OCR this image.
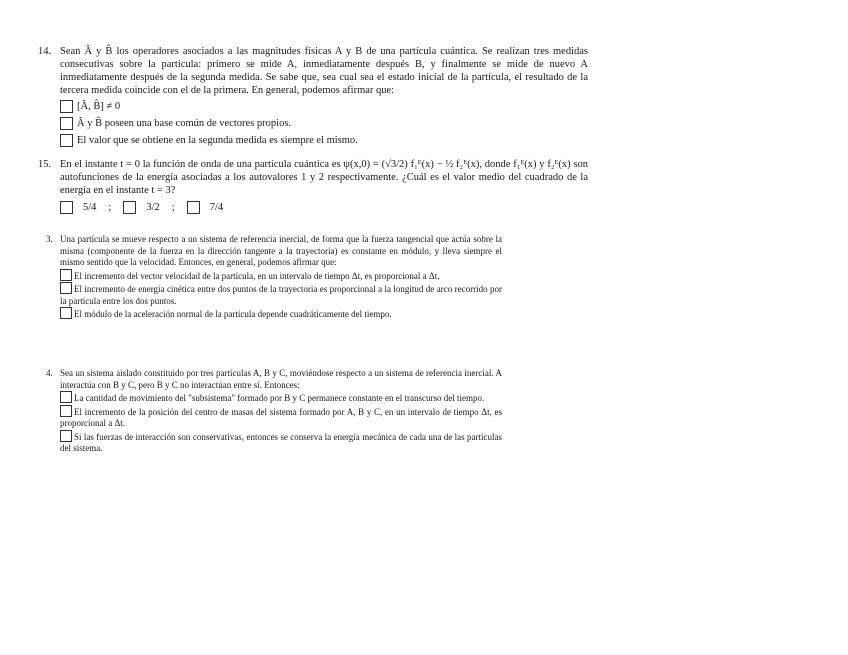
14. Sean Â y B̂ los operadores asociados a las magnitudes físicas A y B de una partícula cuántica. Se realizan tres medidas consecutivas sobre la partícula: primero se mide A, inmediatamente después B, y finalmente se mide de nuevo A inmediatamente después de la segunda medida. Se sabe que, sea cual sea el estado inicial de la partícula, el resultado de la tercera medida coincide con el de la primera. En general, podemos afirmar que:

[Â, B̂] ≠ 0
Â y B̂ poseen una base común de vectores propios.
El valor que se obtiene en la segunda medida es siempre el mismo.
15. En el instante t = 0 la función de onda de una partícula cuántica es ψ(x,0) = (√3/2) f₁ᴱ(x) − ½ f₂ᴱ(x), donde f₁ᴱ(x) y f₂ᴱ(x) son autofunciones de la energía asociadas a los autovalores 1 y 2 respectivamente. ¿Cuál es el valor medio del cuadrado de la energía en el instante t = 3?

5/4 ;	3/2 ;	7/4
3. Una partícula se mueve respecto a un sistema de referencia inercial, de forma que la fuerza tangencial que actúa sobre la misma (componente de la fuerza en la dirección tangente a la trayectoria) es constante en módulo, y lleva siempre el mismo sentido que la velocidad. Entonces, en general, podemos afirmar que:

El incremento del vector velocidad de la partícula, en un intervalo de tiempo Δt, es proporcional a Δt.

El incremento de energía cinética entre dos puntos de la trayectoria es proporcional a la longitud de arco recorrido por la partícula entre los dos puntos.

El módulo de la aceleración normal de la partícula depende cuadráticamente del tiempo.

4. Sea un sistema aislado constituido por tres partículas A, B y C, moviéndose respecto a un sistema de referencia inercial. A interactúa con B y C, pero B y C no interactúan entre sí. Entonces:

La cantidad de movimiento del "subsistema" formado por B y C permanece constante en el transcurso del tiempo.

El incremento de la posición del centro de masas del sistema formado por A, B y C, en un intervalo de tiempo Δt, es proporcional a Δt.

Si las fuerzas de interacción son conservativas, entonces se conserva la energía mecánica de cada una de las partículas del sistema.
